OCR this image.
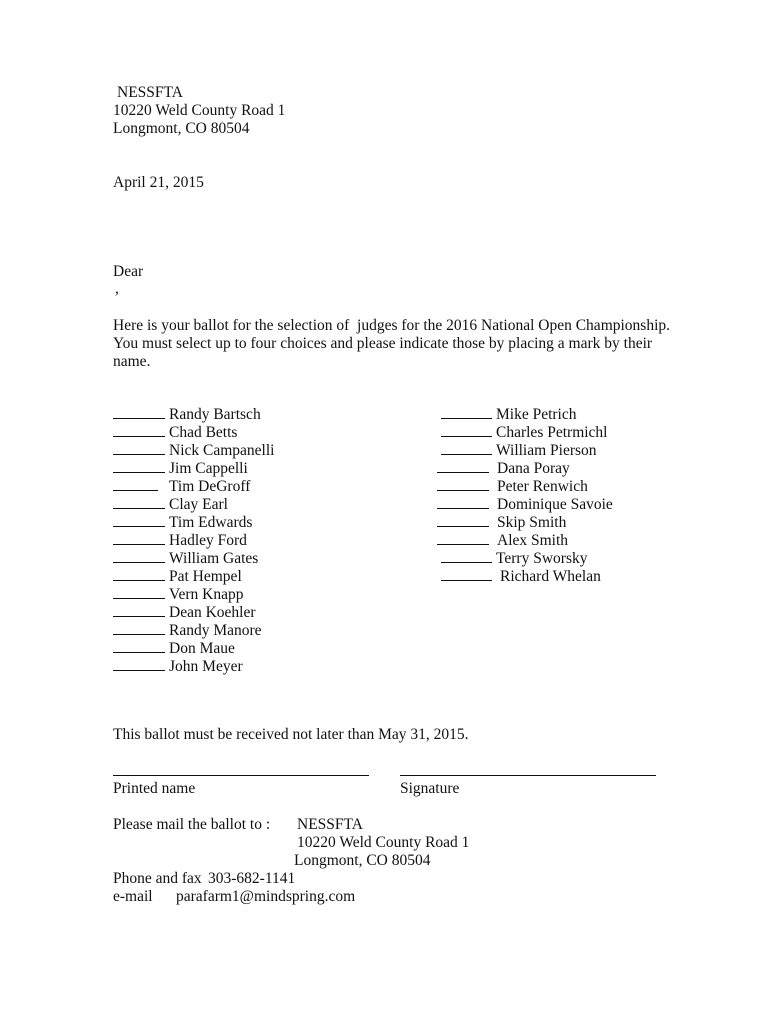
NESSFTA
10220 Weld County Road 1
Longmont, CO 80504
April 21, 2015
Dear
,
Here is your ballot for the selection of  judges for the 2016 National Open Championship.
You must select up to four choices and please indicate those by placing a mark by their
name.
Randy Bartsch
Chad Betts
Nick Campanelli
Jim Cappelli
Tim DeGroff
Clay Earl
Tim Edwards
Hadley Ford
William Gates
Pat Hempel
Vern Knapp
Dean Koehler
Randy Manore
Don Maue
John Meyer
Mike Petrich
Charles Petrmichl
William Pierson
Dana Poray
Peter Renwich
Dominique Savoie
Skip Smith
Alex Smith
Terry Sworsky
Richard Whelan
This ballot must be received not later than May 31, 2015.
Printed name	Signature
Please mail the ballot to : NESSFTA
10220 Weld County Road 1
Longmont, CO 80504
Phone and fax 303-682-1141
e-mail parafarm1@mindspring.com
